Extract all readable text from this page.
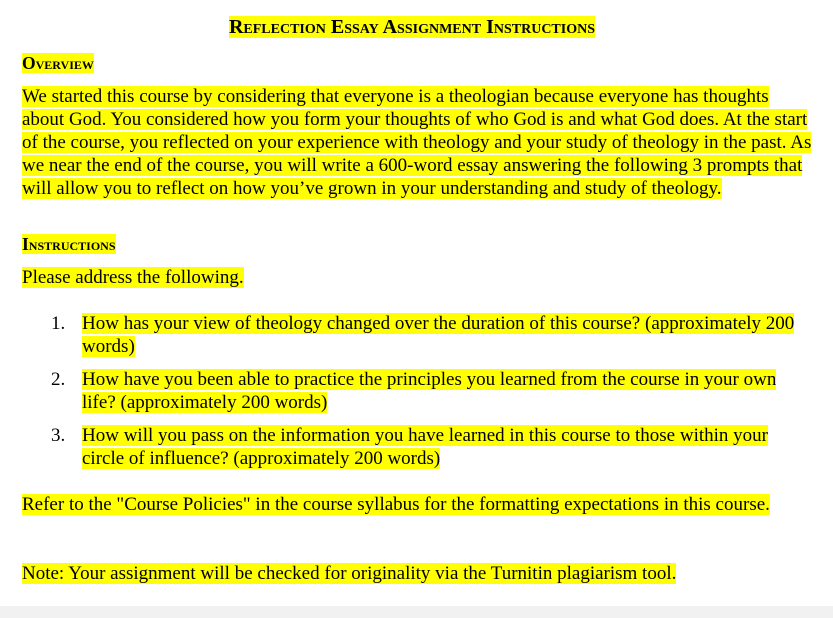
Reflection Essay Assignment Instructions
Overview

We started this course by considering that everyone is a theologian because everyone has thoughts about God. You considered how you form your thoughts of who God is and what God does. At the start of the course, you reflected on your experience with theology and your study of theology in the past. As we near the end of the course, you will write a 600-word essay answering the following 3 prompts that will allow you to reflect on how you’ve grown in your understanding and study of theology.

Instructions

Please address the following.

1. How has your view of theology changed over the duration of this course? (approximately 200 words)
2. How have you been able to practice the principles you learned from the course in your own life? (approximately 200 words)
3. How will you pass on the information you have learned in this course to those within your circle of influence? (approximately 200 words)

Refer to the "Course Policies" in the course syllabus for the formatting expectations in this course.

Note: Your assignment will be checked for originality via the Turnitin plagiarism tool.
